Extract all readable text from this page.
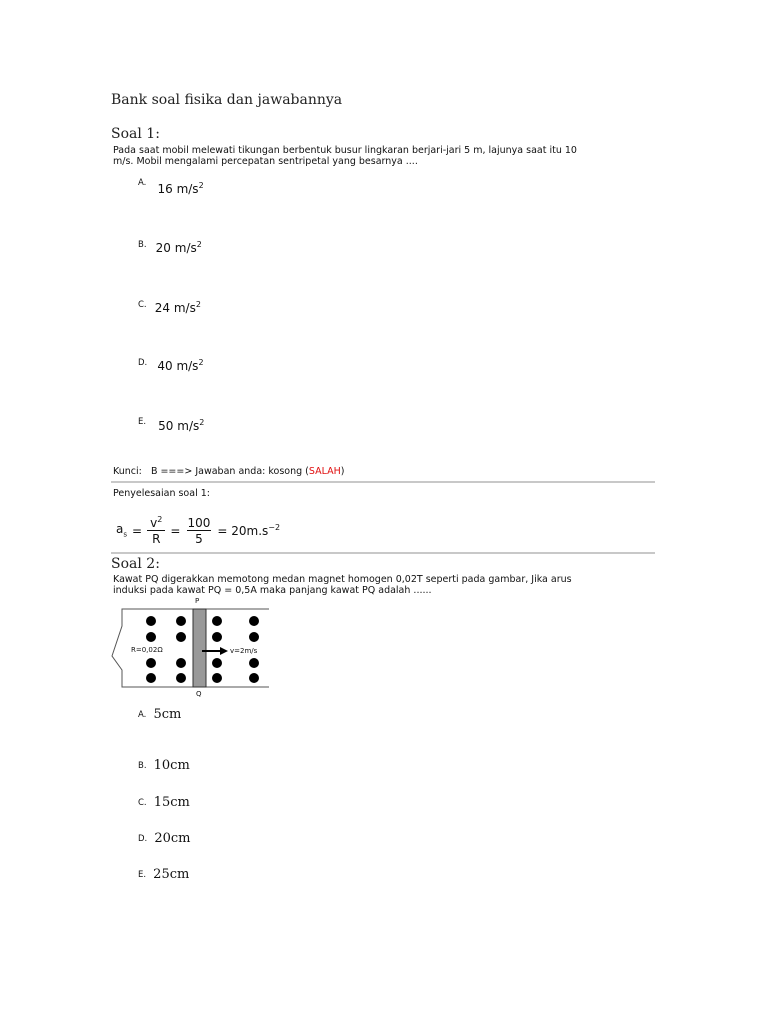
Bank soal fisika dan jawabannya
Soal 1:
Pada saat mobil melewati tikungan berbentuk busur lingkaran berjari-jari 5 m, lajunya saat itu 10
m/s. Mobil mengalami percepatan sentripetal yang besarnya ....
A. $_{16 m/s^2}$
B. $_{20 m/s^2}$
C. $_{24 m/s^2}$
D. $_{40 m/s^2}$
E. $_{50 m/s^2}$
Kunci: B ===> Jawaban anda: kosong (SALAH)
Penyelesaian soal 1:
$a_s = \frac{v^2}{R} = \frac{100}{5} = 20m.s^{-2}$
Soal 2:
Kawat PQ digerakkan memotong medan magnet homogen 0,02T seperti pada gambar, Jika arus
induksi pada kawat PQ = 0,5A maka panjang kawat PQ adalah ......
P
Q
R=0,02Ω	v=2m/s
A. 5cm
B. 10cm
C. 15cm
D. 20cm
E. 25cm
